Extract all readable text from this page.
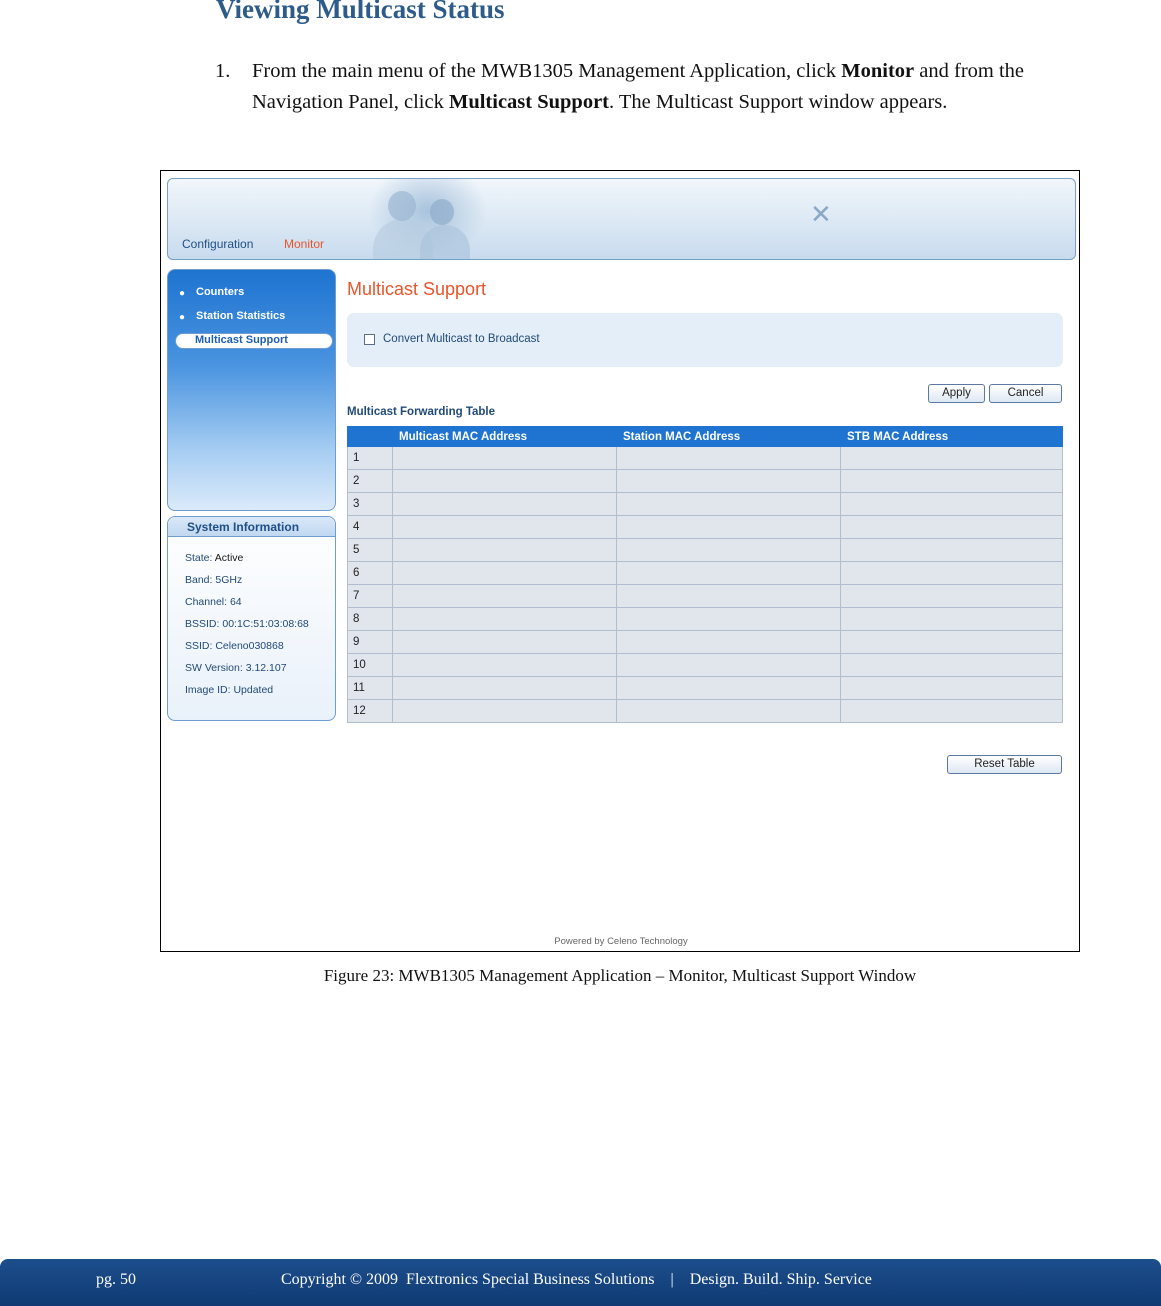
Viewing Multicast Status
1. From the main menu of the MWB1305 Management Application, click Monitor and from the Navigation Panel, click Multicast Support. The Multicast Support window appears.
✕
Configuration	Monitor
● Counters
● Station Statistics
Multicast Support
System Information
State: Active
Band: 5GHz
Channel: 64
BSSID: 00:1C:51:03:08:68
SSID: Celeno030868
SW Version: 3.12.107
Image ID: Updated
Multicast Support
Convert Multicast to Broadcast
Apply	Cancel
Multicast Forwarding Table
	Multicast MAC Address	Station MAC Address	STB MAC Address
1			
2			
3			
4			
5			
6			
7			
8			
9			
10			
11			
12			
Reset Table
Powered by Celeno Technology
Figure 23: MWB1305 Management Application – Monitor, Multicast Support Window
pg. 50	Copyright © 2009  Flextronics Special Business Solutions    |    Design. Build. Ship. Service
